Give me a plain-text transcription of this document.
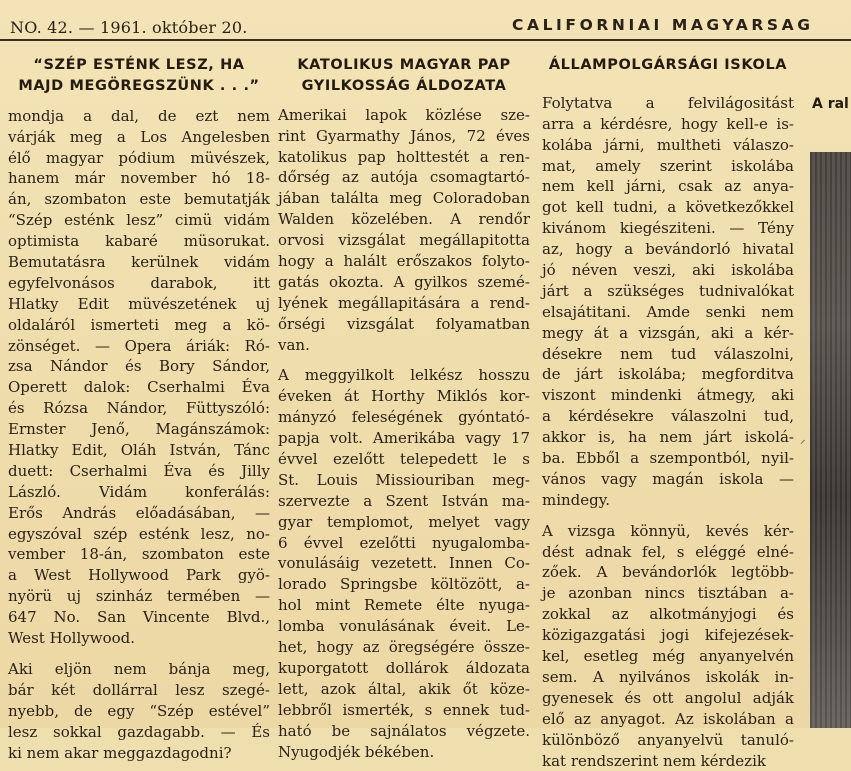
NO. 42. — 1961. október 20.	CALIFORNIAI MAGYARSAG
“SZÉP ESTÉNK LESZ, HA
MAJD MEGÖREGSZÜNK . . .”
mondja a dal, de ezt nem
várják meg a Los Angelesben
élő magyar pódium müvészek,
hanem már november hó 18-
án, szombaton este bemutatják
“Szép esténk lesz” cimü vidám
optimista kabaré müsorukat.
Bemutatásra kerülnek vidám
egyfelvonásos darabok, itt
Hlatky Edit müvészetének uj
oldaláról ismerteti meg a kö-
zönséget. — Opera áriák: Ró-
zsa Nándor és Bory Sándor,
Operett dalok: Cserhalmi Éva
és Rózsa Nándor, Füttyszóló:
Ernster Jenő, Magánszámok:
Hlatky Edit, Oláh István, Tánc
duett: Cserhalmi Éva és Jilly
László. Vidám konferálás:
Erős András előadásában, —
egyszóval szép esténk lesz, no-
vember 18-án, szombaton este
a West Hollywood Park gyö-
nyörü uj szinház termében —
647 No. San Vincente Blvd.,
West Hollywood.
Aki eljön nem bánja meg,
bár két dollárral lesz szegé-
nyebb, de egy “Szép estével”
lesz sokkal gazdagabb. — És
ki nem akar meggazdagodni?
KATOLIKUS MAGYAR PAP
GYILKOSSÁG ÁLDOZATA
Amerikai lapok közlése sze-
rint Gyarmathy János, 72 éves
katolikus pap holttestét a ren-
dőrség az autója csomagtartó-
jában találta meg Coloradoban
Walden közelében. A rendőr
orvosi vizsgálat megállapitotta
hogy a halált erőszakos folyto-
gatás okozta. A gyilkos szemé-
lyének megállapitására a rend-
őrségi vizsgálat folyamatban
van.
A meggyilkolt lelkész hosszu
éveken át Horthy Miklós kor-
mányzó feleségének gyóntató-
papja volt. Amerikába vagy 17
évvel ezelőtt telepedett le s
St. Louis Missiouriban meg-
szervezte a Szent István ma-
gyar templomot, melyet vagy
6 évvel ezelőtti nyugalomba-
vonulásáig vezetett. Innen Co-
lorado Springsbe költözött, a-
hol mint Remete élte nyuga-
lomba vonulásának éveit. Le-
het, hogy az öregségére össze-
kuporgatott dollárok áldozata
lett, azok által, akik őt köze-
lebbről ismerték, s ennek tud-
ható be sajnálatos végzete.
Nyugodjék békében.
ÁLLAMPOLGÁRSÁGI ISKOLA
Folytatva a felvilágositást
arra a kérdésre, hogy kell-e is-
kolába járni, multheti válaszo-
mat, amely szerint iskolába
nem kell járni, csak az anya-
got kell tudni, a következőkkel
kivánom kiegésziteni. — Tény
az, hogy a bevándorló hivatal
jó néven veszi, aki iskolába
járt a szükséges tudnivalókat
elsajátitani. Amde senki nem
megy át a vizsgán, aki a kér-
désekre nem tud válaszolni,
de járt iskolába; megforditva
viszont mindenki átmegy, aki
a kérdésekre válaszolni tud,
akkor is, ha nem járt iskolá-
ba. Ebből a szempontból, nyil-
vános vagy magán iskola —
mindegy.
A vizsga könnyü, kevés kér-
dést adnak fel, s eléggé elné-
zőek. A bevándorlók legtöbb-
je azonban nincs tisztában a-
zokkal az alkotmányjogi és
közigazgatási jogi kifejezések-
kel, esetleg még anyanyelvén
sem. A nyilvános iskolák in-
gyenesek és ott angolul adják
elő az anyagot. Az iskolában a
különböző anyanyelvü tanuló-
kat rendszerint nem kérdezik
A ral
⸝
